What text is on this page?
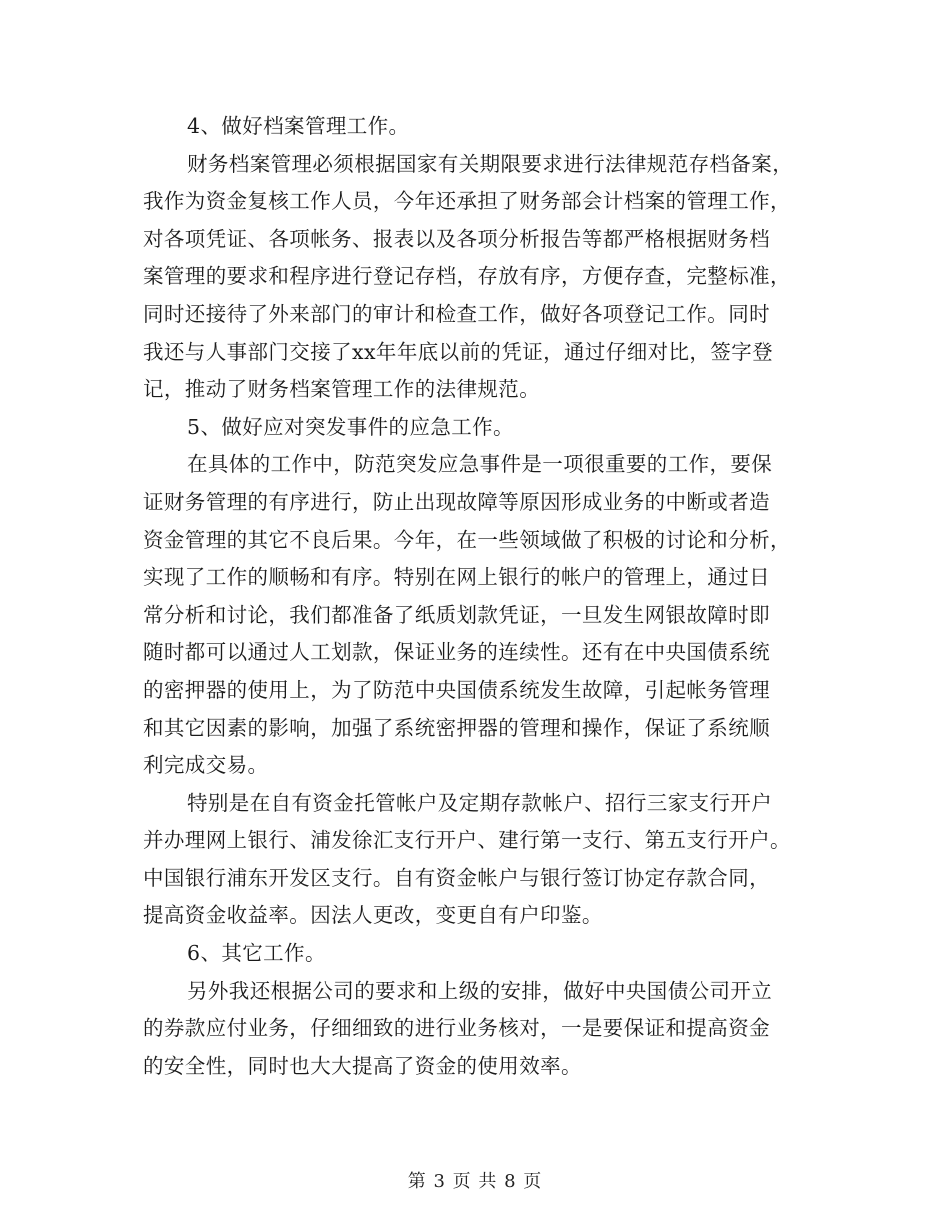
4、做好档案管理工作。
财务档案管理必须根据国家有关期限要求进行法律规范存档备案，
我作为资金复核工作人员，今年还承担了财务部会计档案的管理工作，
对各项凭证、各项帐务、报表以及各项分析报告等都严格根据财务档
案管理的要求和程序进行登记存档，存放有序，方便存查，完整标准，
同时还接待了外来部门的审计和检查工作，做好各项登记工作。同时
我还与人事部门交接了xx年年底以前的凭证，通过仔细对比，签字登
记，推动了财务档案管理工作的法律规范。
5、做好应对突发事件的应急工作。
在具体的工作中，防范突发应急事件是一项很重要的工作，要保
证财务管理的有序进行，防止出现故障等原因形成业务的中断或者造
资金管理的其它不良后果。今年，在一些领域做了积极的讨论和分析，
实现了工作的顺畅和有序。特别在网上银行的帐户的管理上，通过日
常分析和讨论，我们都准备了纸质划款凭证，一旦发生网银故障时即
随时都可以通过人工划款，保证业务的连续性。还有在中央国债系统
的密押器的使用上，为了防范中央国债系统发生故障，引起帐务管理
和其它因素的影响，加强了系统密押器的管理和操作，保证了系统顺
利完成交易。
特别是在自有资金托管帐户及定期存款帐户、招行三家支行开户
并办理网上银行、浦发徐汇支行开户、建行第一支行、第五支行开户。
中国银行浦东开发区支行。自有资金帐户与银行签订协定存款合同，
提高资金收益率。因法人更改，变更自有户印鉴。
6、其它工作。
另外我还根据公司的要求和上级的安排，做好中央国债公司开立
的券款应付业务，仔细细致的进行业务核对，一是要保证和提高资金
的安全性，同时也大大提高了资金的使用效率。
第 3 页 共 8 页
